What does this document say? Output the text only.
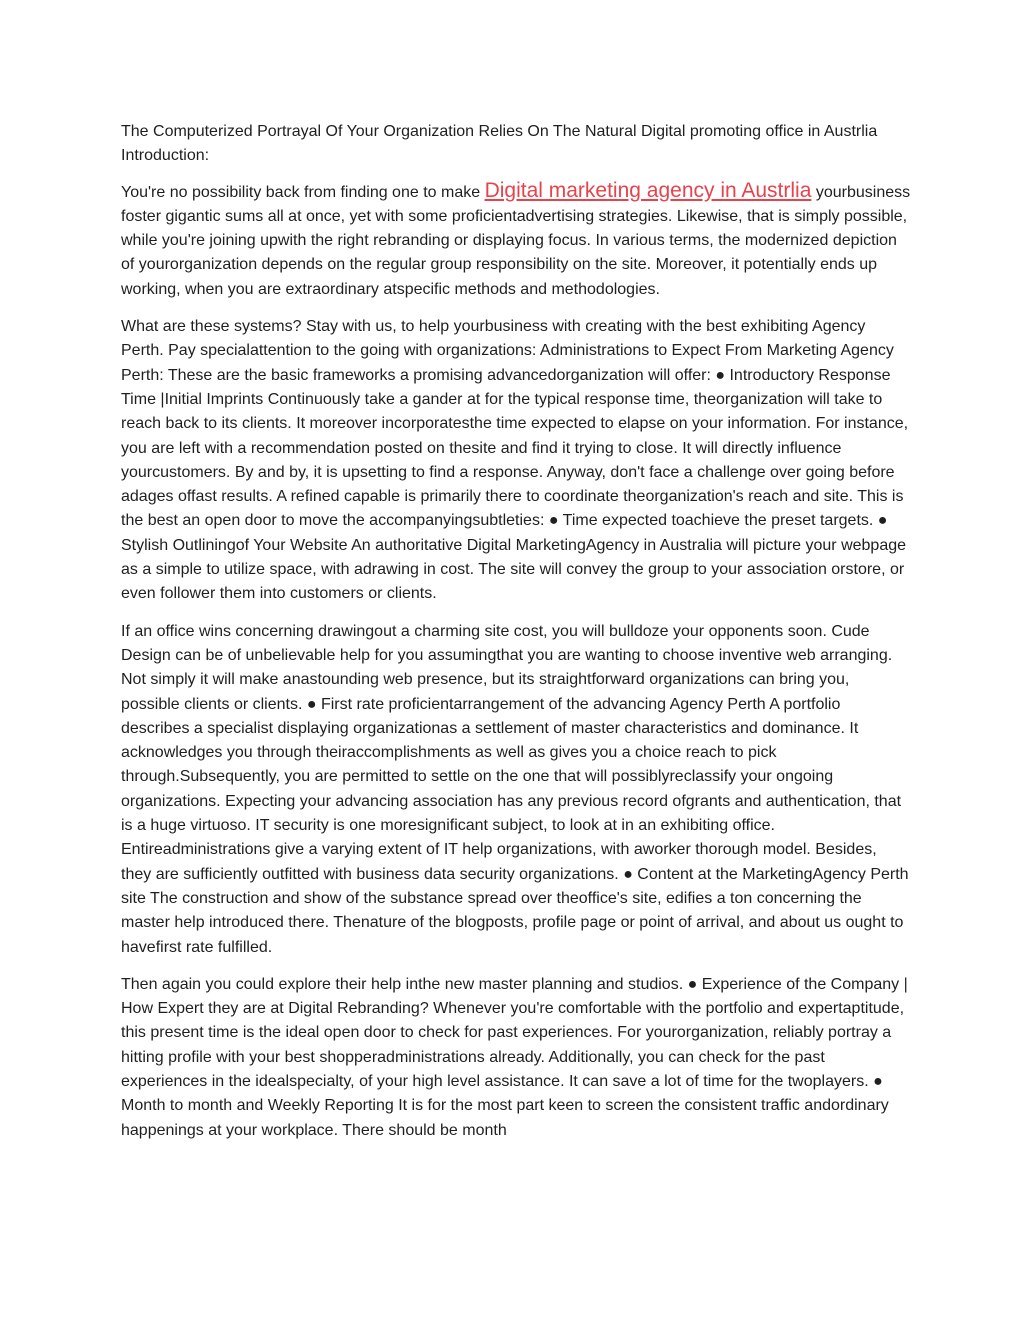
The Computerized Portrayal Of Your Organization Relies On The Natural Digital promoting office in Austrlia Introduction:

You're no possibility back from finding one to make Digital marketing agency in Austrlia yourbusiness foster gigantic sums all at once, yet with some proficientadvertising strategies. Likewise, that is simply possible, while you're joining upwith the right rebranding or displaying focus. In various terms, the modernized depiction of yourorganization depends on the regular group responsibility on the site. Moreover, it potentially ends up working, when you are extraordinary atspecific methods and methodologies.

What are these systems? Stay with us, to help yourbusiness with creating with the best exhibiting Agency Perth. Pay specialattention to the going with organizations: Administrations to Expect From Marketing Agency Perth: These are the basic frameworks a promising advancedorganization will offer: ● Introductory Response Time |Initial Imprints Continuously take a gander at for the typical response time, theorganization will take to reach back to its clients. It moreover incorporatesthe time expected to elapse on your information. For instance, you are left with a recommendation posted on thesite and find it trying to close. It will directly influence yourcustomers. By and by, it is upsetting to find a response. Anyway, don't face a challenge over going before adages offast results. A refined capable is primarily there to coordinate theorganization's reach and site. This is the best an open door to move the accompanyingsubtleties: ● Time expected toachieve the preset targets. ● Stylish Outliningof Your Website An authoritative Digital MarketingAgency in Australia will picture your webpage as a simple to utilize space, with adrawing in cost. The site will convey the group to your association orstore, or even follower them into customers or clients.

If an office wins concerning drawingout a charming site cost, you will bulldoze your opponents soon. Cude Design can be of unbelievable help for you assumingthat you are wanting to choose inventive web arranging. Not simply it will make anastounding web presence, but its straightforward organizations can bring you, possible clients or clients. ● First rate proficientarrangement of the advancing Agency Perth A portfolio describes a specialist displaying organizationas a settlement of master characteristics and dominance. It acknowledges you through theiraccomplishments as well as gives you a choice reach to pick through.Subsequently, you are permitted to settle on the one that will possiblyreclassify your ongoing organizations. Expecting your advancing association has any previous record ofgrants and authentication, that is a huge virtuoso. IT security is one moresignificant subject, to look at in an exhibiting office. Entireadministrations give a varying extent of IT help organizations, with aworker thorough model. Besides, they are sufficiently outfitted with business data security organizations. ● Content at the MarketingAgency Perth site The construction and show of the substance spread over theoffice's site, edifies a ton concerning the master help introduced there. Thenature of the blogposts, profile page or point of arrival, and about us ought to havefirst rate fulfilled.

Then again you could explore their help inthe new master planning and studios. ● Experience of the Company | How Expert they are at Digital Rebranding? Whenever you're comfortable with the portfolio and expertaptitude, this present time is the ideal open door to check for past experiences. For yourorganization, reliably portray a hitting profile with your best shopperadministrations already. Additionally, you can check for the past experiences in the idealspecialty, of your high level assistance. It can save a lot of time for the twoplayers. ● Month to month and Weekly Reporting It is for the most part keen to screen the consistent traffic andordinary happenings at your workplace. There should be month
